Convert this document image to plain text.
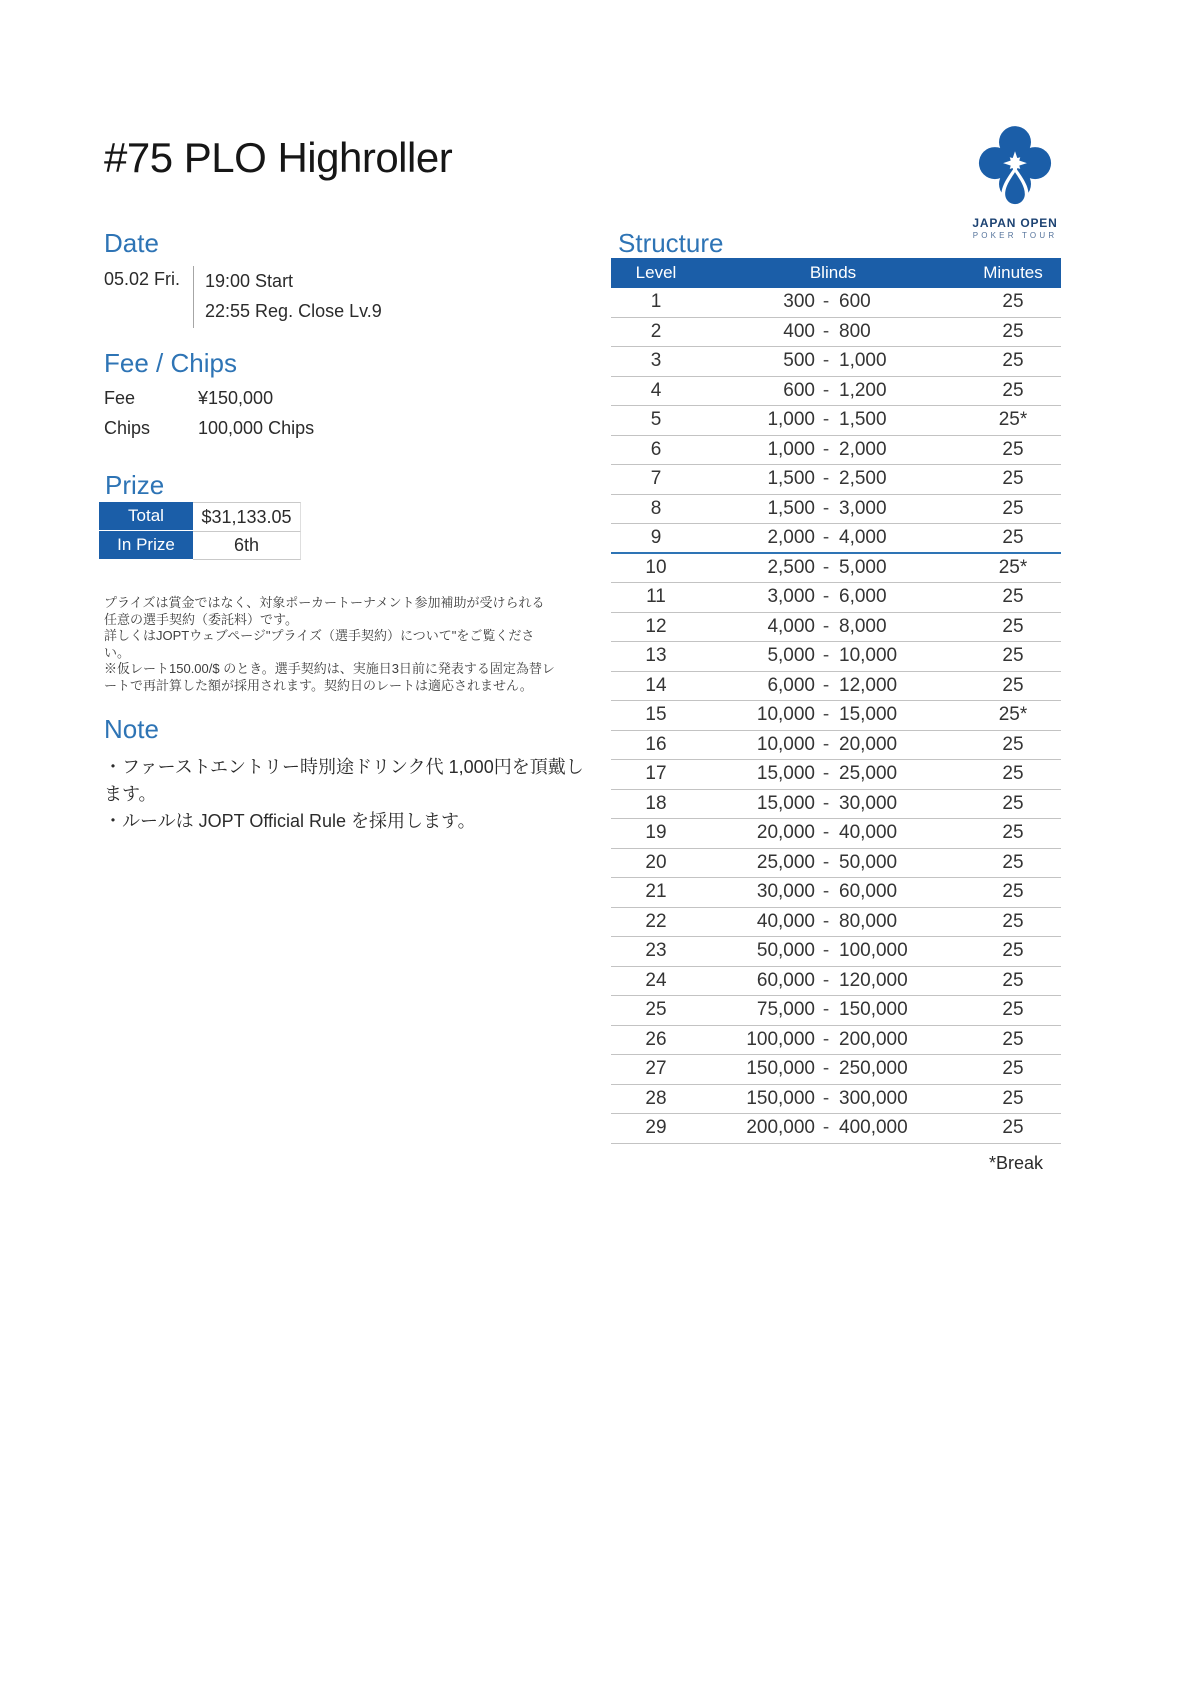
#75 PLO Highroller
JAPAN OPEN
POKER TOUR
Date
05.02 Fri.	19:00 Start
22:55 Reg. Close Lv.9
Fee / Chips
Fee	¥150,000
Chips	100,000 Chips
Prize
Total	$31,133.05
In Prize	6th
プライズは賞金ではなく、対象ポーカートーナメント参加補助が受けられる任意の選手契約（委託料）です。
詳しくはJOPTウェブページ"プライズ（選手契約）について"をご覧ください。
※仮レート150.00/$ のとき。選手契約は、実施日3日前に発表する固定為替レートで再計算した額が採用されます。契約日のレートは適応されません。
Note
・ファーストエントリー時別途ドリンク代 1,000円を頂戴します。
・ルールは JOPT Official Rule を採用します。
Structure
Level	Blinds	Minutes
1	300 - 600	25
2	400 - 800	25
3	500 - 1,000	25
4	600 - 1,200	25
5	1,000 - 1,500	25*
6	1,000 - 2,000	25
7	1,500 - 2,500	25
8	1,500 - 3,000	25
9	2,000 - 4,000	25
10	2,500 - 5,000	25*
11	3,000 - 6,000	25
12	4,000 - 8,000	25
13	5,000 - 10,000	25
14	6,000 - 12,000	25
15	10,000 - 15,000	25*
16	10,000 - 20,000	25
17	15,000 - 25,000	25
18	15,000 - 30,000	25
19	20,000 - 40,000	25
20	25,000 - 50,000	25
21	30,000 - 60,000	25
22	40,000 - 80,000	25
23	50,000 - 100,000	25
24	60,000 - 120,000	25
25	75,000 - 150,000	25
26	100,000 - 200,000	25
27	150,000 - 250,000	25
28	150,000 - 300,000	25
29	200,000 - 400,000	25
*Break
